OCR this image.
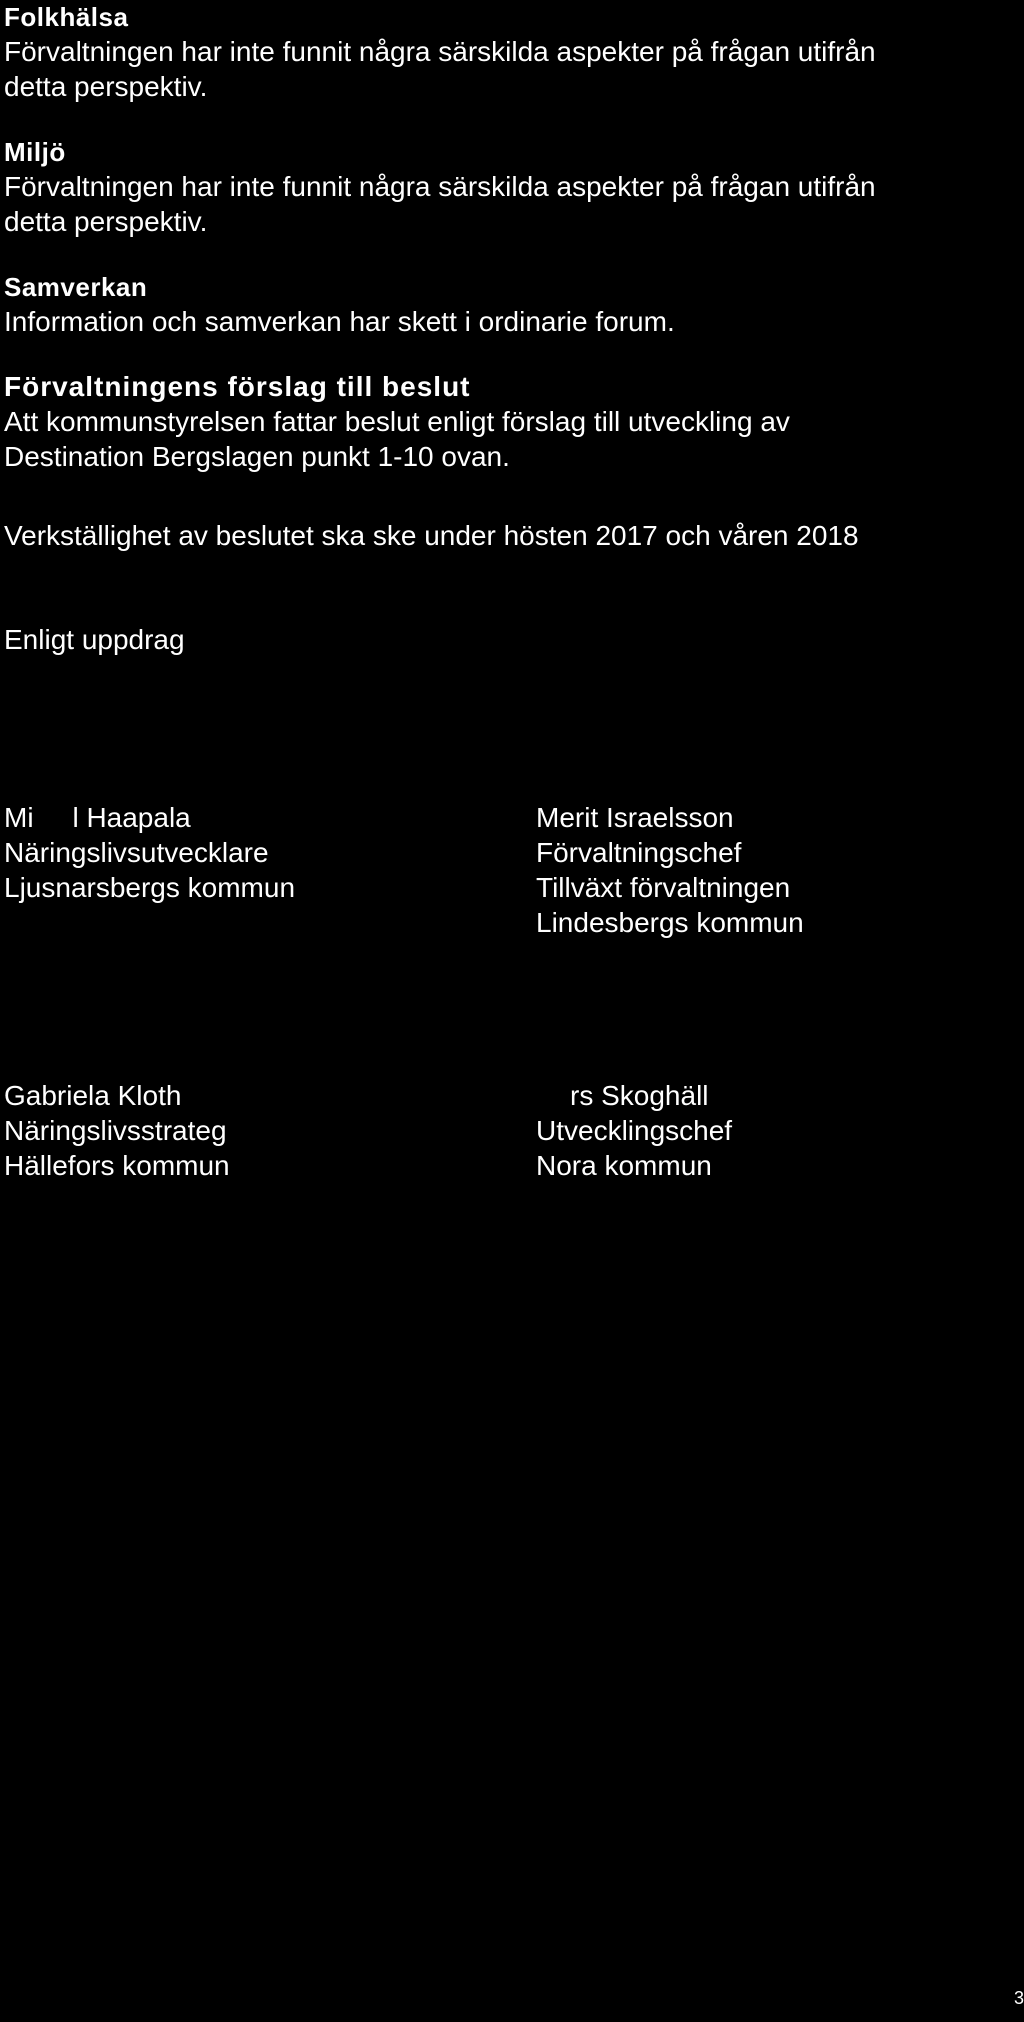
Folkhälsa

Förvaltningen har inte funnit några särskilda aspekter på frågan utifrån
detta perspektiv.

Miljö

Förvaltningen har inte funnit några särskilda aspekter på frågan utifrån
detta perspektiv.

Samverkan

Information och samverkan har skett i ordinarie forum.

Förvaltningens förslag till beslut

Att kommunstyrelsen fattar beslut enligt förslag till utveckling av
Destination Bergslagen punkt 1-10 ovan.

Verkställighet av beslutet ska ske under hösten 2017 och våren 2018

Enligt uppdrag

Mi     l Haapala
Näringslivsutvecklare
Ljusnarsbergs kommun
Merit Israelsson
Förvaltningschef
Tillväxt förvaltningen
Lindesbergs kommun
Gabriela Kloth
Näringslivsstrateg
Hällefors kommun
rs Skoghäll
Utvecklingschef
Nora kommun
3
